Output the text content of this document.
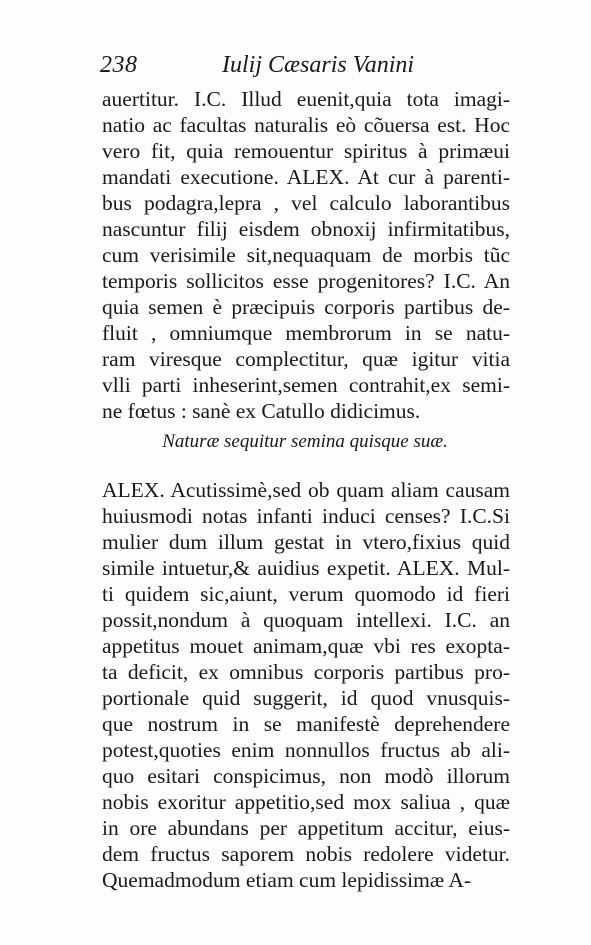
238	Iulij Cæsaris Vanini
auertitur. I.C. Illud euenit,quia tota imagi-
natio ac facultas naturalis eò cõuersa est. Hoc
vero fit, quia remouentur spiritus à primæui
mandati executione. ALEX. At cur à parenti-
bus podagra,lepra , vel calculo laborantibus
nascuntur filij eisdem obnoxij infirmitatibus,
cum verisimile sit,nequaquam de morbis tũc
temporis sollicitos esse progenitores? I.C. An
quia semen è præcipuis corporis partibus de-
fluit , omniumque membrorum in se natu-
ram viresque complectitur, quæ igitur vitia
vlli parti inheserint,semen contrahit,ex semi-
ne fœtus : sanè ex Catullo didicimus.
Naturæ sequitur semina quisque suæ.
ALEX. Acutissimè,sed ob quam aliam causam
huiusmodi notas infanti induci censes? I.C.Si
mulier dum illum gestat in vtero,fixius quid
simile intuetur,& auidius expetit. ALEX. Mul-
ti quidem sic,aiunt, verum quomodo id fieri
possit,nondum à quoquam intellexi. I.C. an
appetitus mouet animam,quæ vbi res exopta-
ta deficit, ex omnibus corporis partibus pro-
portionale quid suggerit, id quod vnusquis-
que nostrum in se manifestè deprehendere
potest,quoties enim nonnullos fructus ab ali-
quo esitari conspicimus, non modò illorum
nobis exoritur appetitio,sed mox saliua , quæ
in ore abundans per appetitum accitur, eius-
dem fructus saporem nobis redolere videtur.
Quemadmodum etiam cum lepidissimæ A-
